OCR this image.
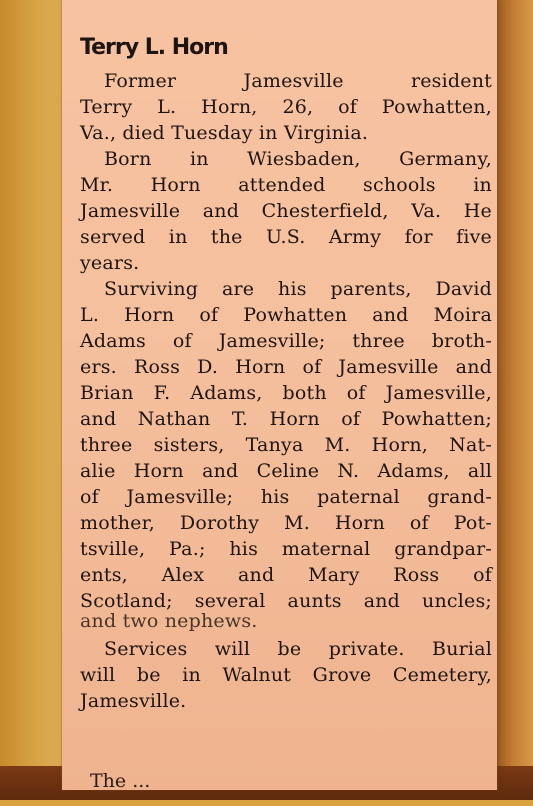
Terry L. Horn
Former Jamesville resident
Terry L. Horn, 26, of Powhatten,
Va., died Tuesday in Virginia.
Born in Wiesbaden, Germany,
Mr. Horn attended schools in
Jamesville and Chesterfield, Va. He
served in the U.S. Army for five
years.
Surviving are his parents, David
L. Horn of Powhatten and Moira
Adams of Jamesville; three broth-
ers. Ross D. Horn of Jamesville and
Brian F. Adams, both of Jamesville,
and Nathan T. Horn of Powhatten;
three sisters, Tanya M. Horn, Nat-
alie Horn and Celine N. Adams, all
of Jamesville; his paternal grand-
mother, Dorothy M. Horn of Pot-
tsville, Pa.; his maternal grandpar-
ents, Alex and Mary Ross of
Scotland; several aunts and uncles;
and two nephews.
Services will be private. Burial
will be in Walnut Grove Cemetery,
Jamesville.
The ...
